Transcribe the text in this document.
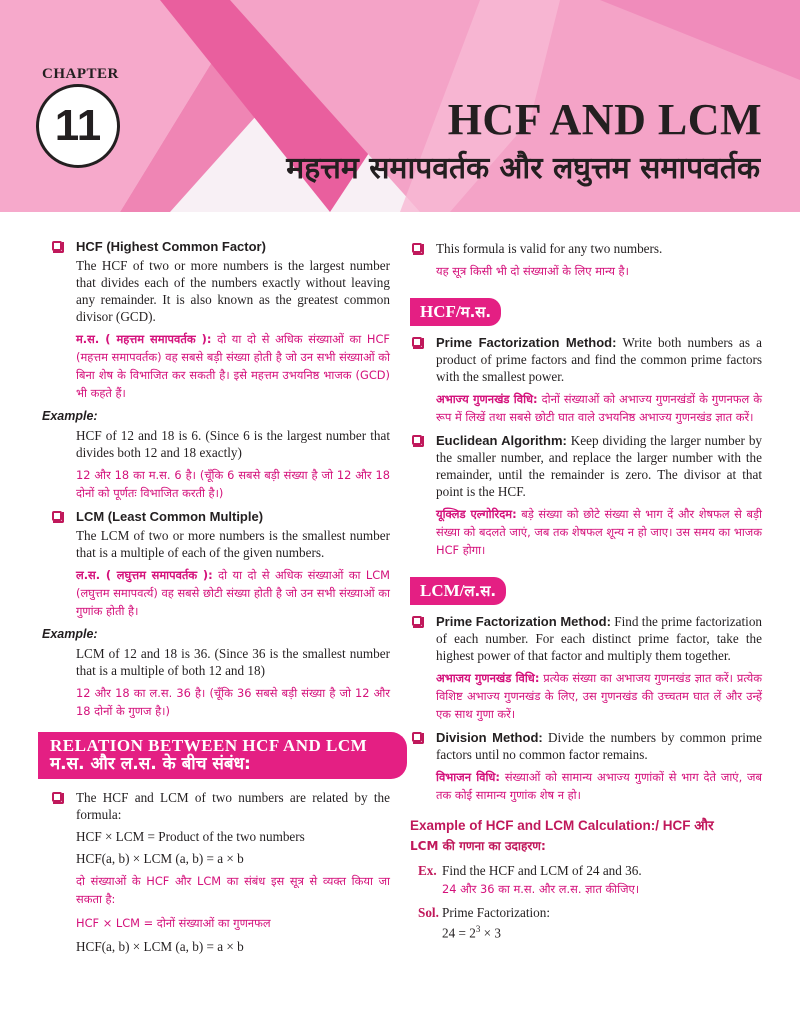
CHAPTER
11	HCF AND LCM
महत्तम समापवर्तक और लघुत्तम समापवर्तक
HCF (Highest Common Factor)
The HCF of two or more numbers is the largest number that divides each of the numbers exactly without leaving any remainder. It is also known as the greatest common divisor (GCD).
म.स. ( महत्तम समापवर्तक ): दो या दो से अधिक संख्याओं का HCF (महत्तम समापवर्तक) वह सबसे बड़ी संख्या होती है जो उन सभी संख्याओं को बिना शेष के विभाजित कर सकती है। इसे महत्तम उभयनिष्ठ भाजक (GCD) भी कहते हैं।
Example:
HCF of 12 and 18 is 6. (Since 6 is the largest number that divides both 12 and 18 exactly)
12 और 18 का म.स. 6 है। (चूँकि 6 सबसे बड़ी संख्या है जो 12 और 18 दोनों को पूर्णतः विभाजित करती है।)
LCM (Least Common Multiple)
The LCM of two or more numbers is the smallest number that is a multiple of each of the given numbers.
ल.स. ( लघुत्तम समापवर्तक ): दो या दो से अधिक संख्याओं का LCM (लघुत्तम समापवर्त्य) वह सबसे छोटी संख्या होती है जो उन सभी संख्याओं का गुणांक होती है।
Example:
LCM of 12 and 18 is 36. (Since 36 is the smallest number that is a multiple of both 12 and 18)
12 और 18 का ल.स. 36 है। (चूँकि 36 सबसे बड़ी संख्या है जो 12 और 18 दोनों के गुणज है।)
RELATION BETWEEN HCF AND LCM
म.स. और ल.स. के बीच संबंध:
The HCF and LCM of two numbers are related by the formula:
HCF × LCM = Product of the two numbers
HCF(a, b) × LCM (a, b) = a × b
दो संख्याओं के HCF और LCM का संबंध इस सूत्र से व्यक्त किया जा सकता है:
HCF × LCM = दोनों संख्याओं का गुणनफल
HCF(a, b) × LCM (a, b) = a × b
This formula is valid for any two numbers.
यह सूत्र किसी भी दो संख्याओं के लिए मान्य है।
HCF/म.स.
Prime Factorization Method: Write both numbers as a product of prime factors and find the common prime factors with the smallest power.
अभाज्य गुणनखंड विधि: दोनों संख्याओं को अभाज्य गुणनखंडों के गुणनफल के रूप में लिखें तथा सबसे छोटी घात वाले उभयनिष्ठ अभाज्य गुणनखंड ज्ञात करें।
Euclidean Algorithm: Keep dividing the larger number by the smaller number, and replace the larger number with the remainder, until the remainder is zero. The divisor at that point is the HCF.
यूक्लिड एल्गोरिदम: बड़े संख्या को छोटे संख्या से भाग दें और शेषफल से बड़ी संख्या को बदलते जाएं, जब तक शेषफल शून्य न हो जाए। उस समय का भाजक HCF होगा।
LCM/ल.स.
Prime Factorization Method: Find the prime factorization of each number. For each distinct prime factor, take the highest power of that factor and multiply them together.
अभाजय गुणनखंड विधि: प्रत्येक संख्या का अभाजय गुणनखंड ज्ञात करें। प्रत्येक विशिष्ट अभाज्य गुणनखंड के लिए, उस गुणनखंड की उच्चतम घात लें और उन्हें एक साथ गुणा करें।
Division Method: Divide the numbers by common prime factors until no common factor remains.
विभाजन विधि: संख्याओं को सामान्य अभाज्य गुणांकों से भाग देते जाएं, जब तक कोई सामान्य गुणांक शेष न हो।
Example of HCF and LCM Calculation:/ HCF और
LCM की गणना का उदाहरण:
Ex. Find the HCF and LCM of 24 and 36.
24 और 36 का म.स. और ल.स. ज्ञात कीजिए।
Sol. Prime Factorization:
$24 = 2^3 \times 3$
